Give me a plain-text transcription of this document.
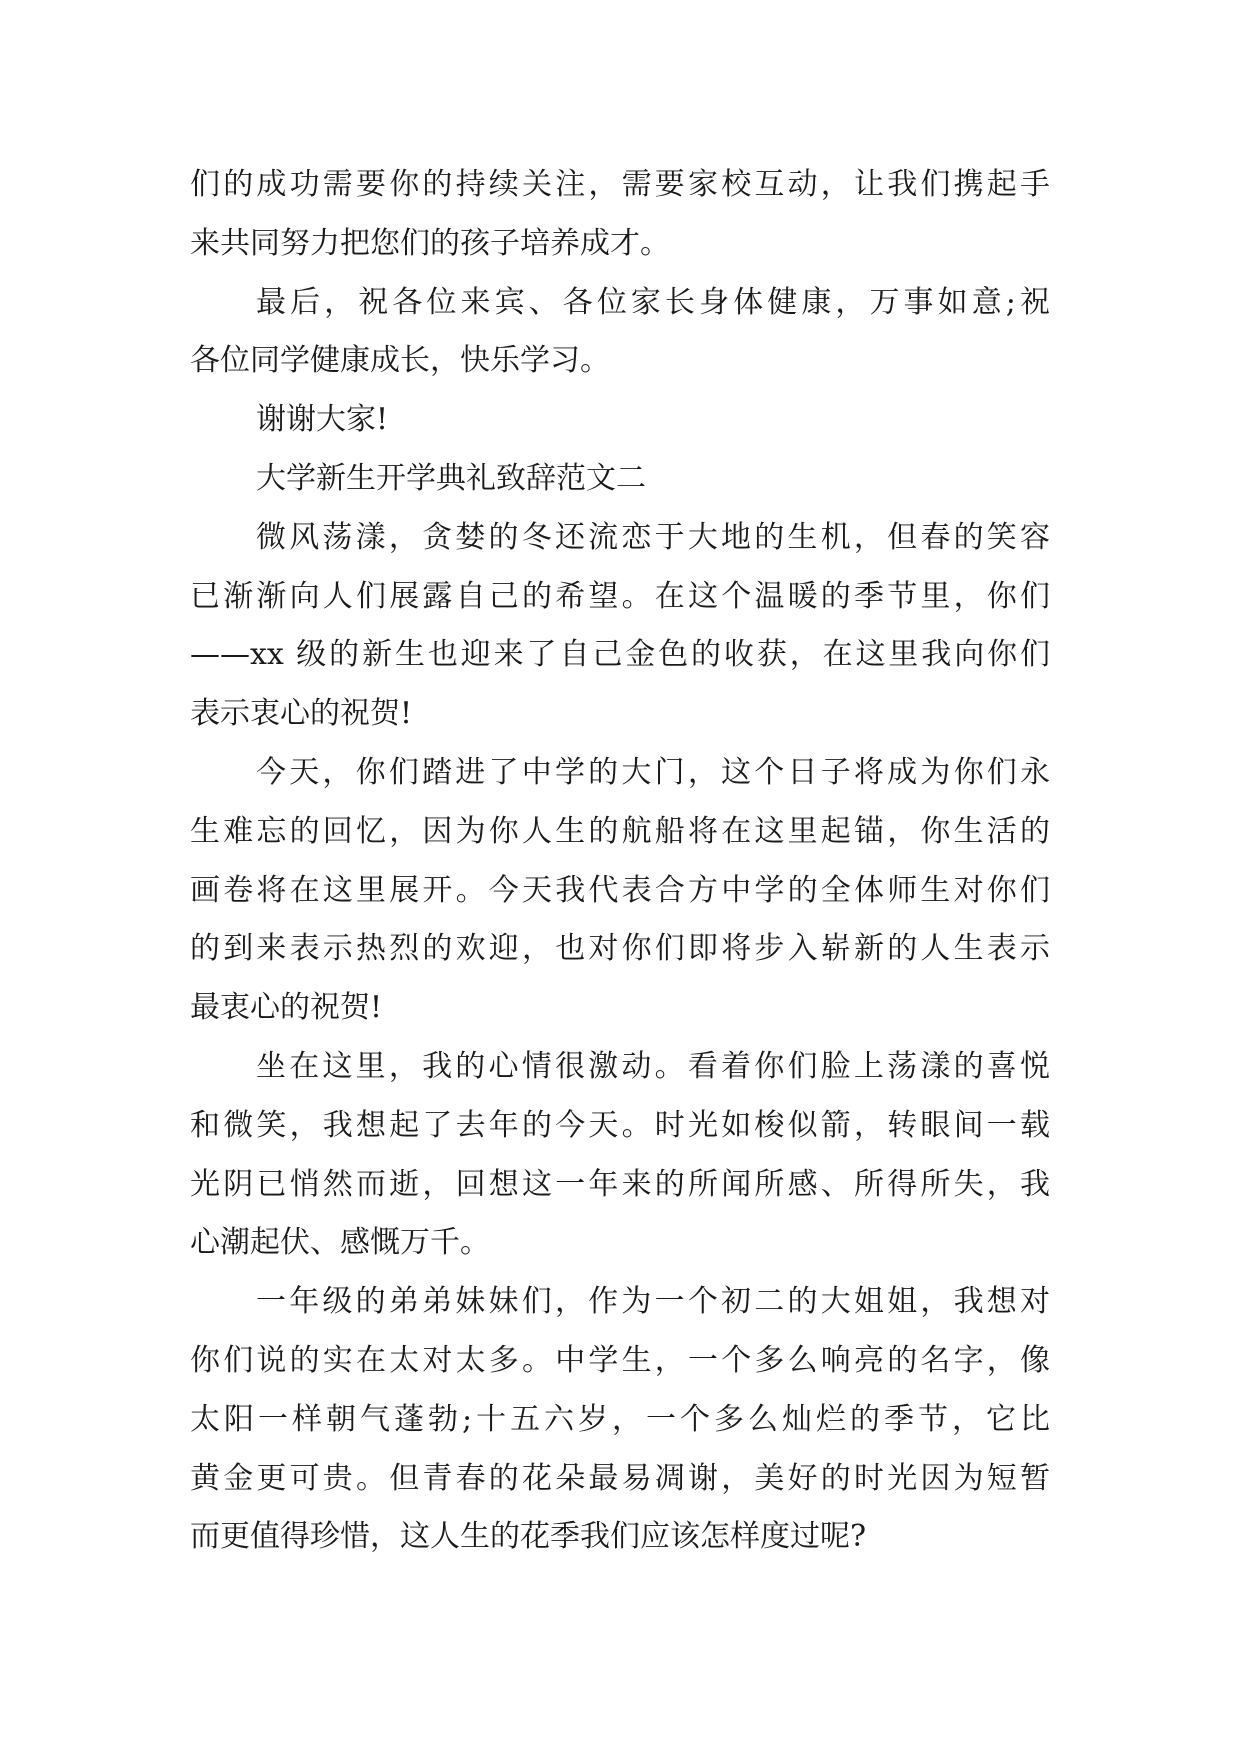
们的成功需要你的持续关注，需要家校互动，让我们携起手
来共同努力把您们的孩子培养成才。
最后，祝各位来宾、各位家长身体健康，万事如意;祝
各位同学健康成长，快乐学习。
谢谢大家!
大学新生开学典礼致辞范文二
微风荡漾，贪婪的冬还流恋于大地的生机，但春的笑容
已渐渐向人们展露自己的希望。在这个温暖的季节里，你们
——xx 级的新生也迎来了自己金色的收获，在这里我向你们
表示衷心的祝贺!
今天，你们踏进了中学的大门，这个日子将成为你们永
生难忘的回忆，因为你人生的航船将在这里起锚，你生活的
画卷将在这里展开。今天我代表合方中学的全体师生对你们
的到来表示热烈的欢迎，也对你们即将步入崭新的人生表示
最衷心的祝贺!
坐在这里，我的心情很激动。看着你们脸上荡漾的喜悦
和微笑，我想起了去年的今天。时光如梭似箭，转眼间一载
光阴已悄然而逝，回想这一年来的所闻所感、所得所失，我
心潮起伏、感慨万千。
一年级的弟弟妹妹们，作为一个初二的大姐姐，我想对
你们说的实在太对太多。中学生，一个多么响亮的名字，像
太阳一样朝气蓬勃;十五六岁，一个多么灿烂的季节，它比
黄金更可贵。但青春的花朵最易凋谢，美好的时光因为短暂
而更值得珍惜，这人生的花季我们应该怎样度过呢?
